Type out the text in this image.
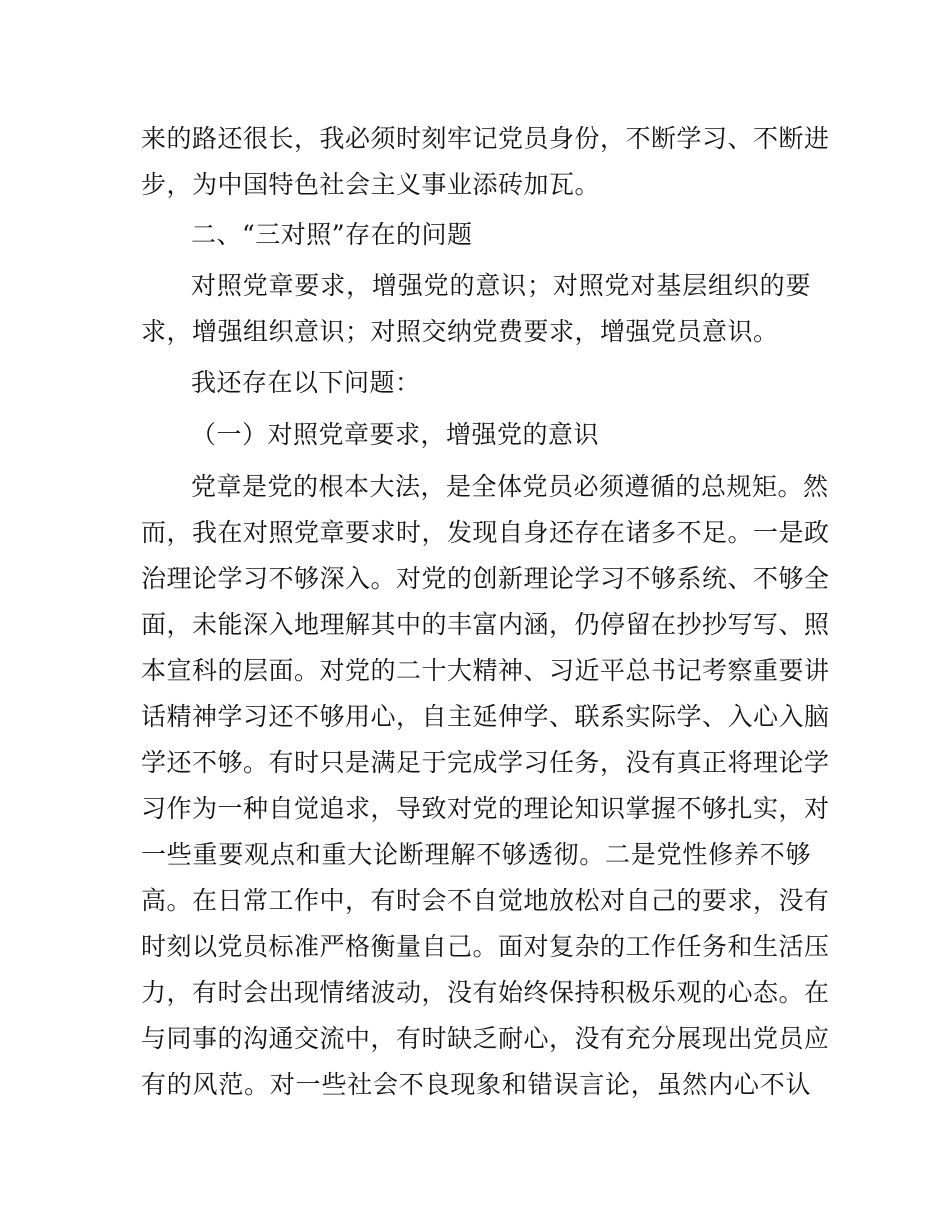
来的路还很长，我必须时刻牢记党员身份，不断学习、不断进
步，为中国特色社会主义事业添砖加瓦。
二、“三对照”存在的问题
对照党章要求，增强党的意识；对照党对基层组织的要
求，增强组织意识；对照交纳党费要求，增强党员意识。
我还存在以下问题：
（一）对照党章要求，增强党的意识
党章是党的根本大法，是全体党员必须遵循的总规矩。然
而，我在对照党章要求时，发现自身还存在诸多不足。一是政
治理论学习不够深入。对党的创新理论学习不够系统、不够全
面，未能深入地理解其中的丰富内涵，仍停留在抄抄写写、照
本宣科的层面。对党的二十大精神、习近平总书记考察重要讲
话精神学习还不够用心，自主延伸学、联系实际学、入心入脑
学还不够。有时只是满足于完成学习任务，没有真正将理论学
习作为一种自觉追求，导致对党的理论知识掌握不够扎实，对
一些重要观点和重大论断理解不够透彻。二是党性修养不够
高。在日常工作中，有时会不自觉地放松对自己的要求，没有
时刻以党员标准严格衡量自己。面对复杂的工作任务和生活压
力，有时会出现情绪波动，没有始终保持积极乐观的心态。在
与同事的沟通交流中，有时缺乏耐心，没有充分展现出党员应
有的风范。对一些社会不良现象和错误言论，虽然内心不认
